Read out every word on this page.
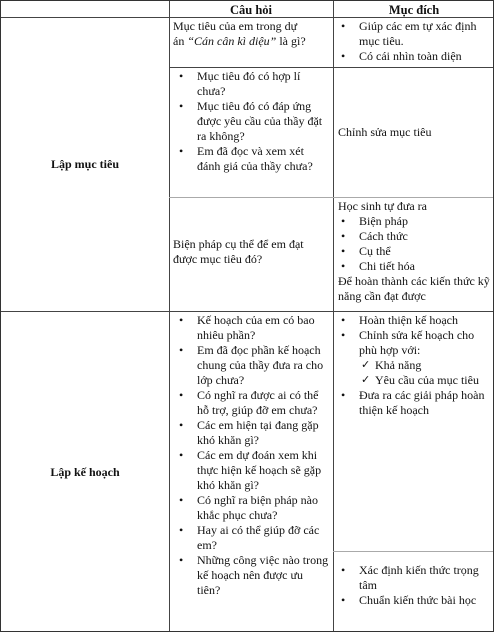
Câu hỏi	Mục đích
Lập mục tiêu
Lập kế hoạch
Mục tiêu của em trong dự
án “Cán cân kì diệu” là gì?
• Giúp các em tự xác định mục tiêu.
• Có cái nhìn toàn diện
• Mục tiêu đó có hợp lí chưa?
• Mục tiêu đó có đáp ứng được yêu cầu của thầy đặt ra không?
• Em đã đọc và xem xét đánh giá của thầy chưa?
Chỉnh sửa mục tiêu
Biện pháp cụ thể để em đạt
được mục tiêu đó?
Học sinh tự đưa ra
• Biện pháp
• Cách thức
• Cụ thể
• Chi tiết hóa
Để hoàn thành các kiến thức kỹ năng cần đạt được
• Kế hoạch của em có bao nhiêu phần?
• Em đã đọc phần kế hoạch chung của thầy đưa ra cho lớp chưa?
• Có nghĩ ra được ai có thể hỗ trợ, giúp đỡ em chưa?
• Các em hiện tại đang gặp khó khăn gì?
• Các em dự đoán xem khi thực hiện kế hoạch sẽ gặp khó khăn gì?
• Có nghĩ ra biện pháp nào khắc phục chưa?
• Hay ai có thể giúp đỡ các em?
• Những công việc nào trong kế hoạch nên được ưu tiên?
• Hoàn thiện kế hoạch
• Chỉnh sửa kế hoạch cho phù hợp với:
✓ Khả năng
✓ Yêu cầu của mục tiêu
• Đưa ra các giải pháp hoàn thiện kế hoạch
• Xác định kiến thức trọng tâm
• Chuẩn kiến thức bài học
